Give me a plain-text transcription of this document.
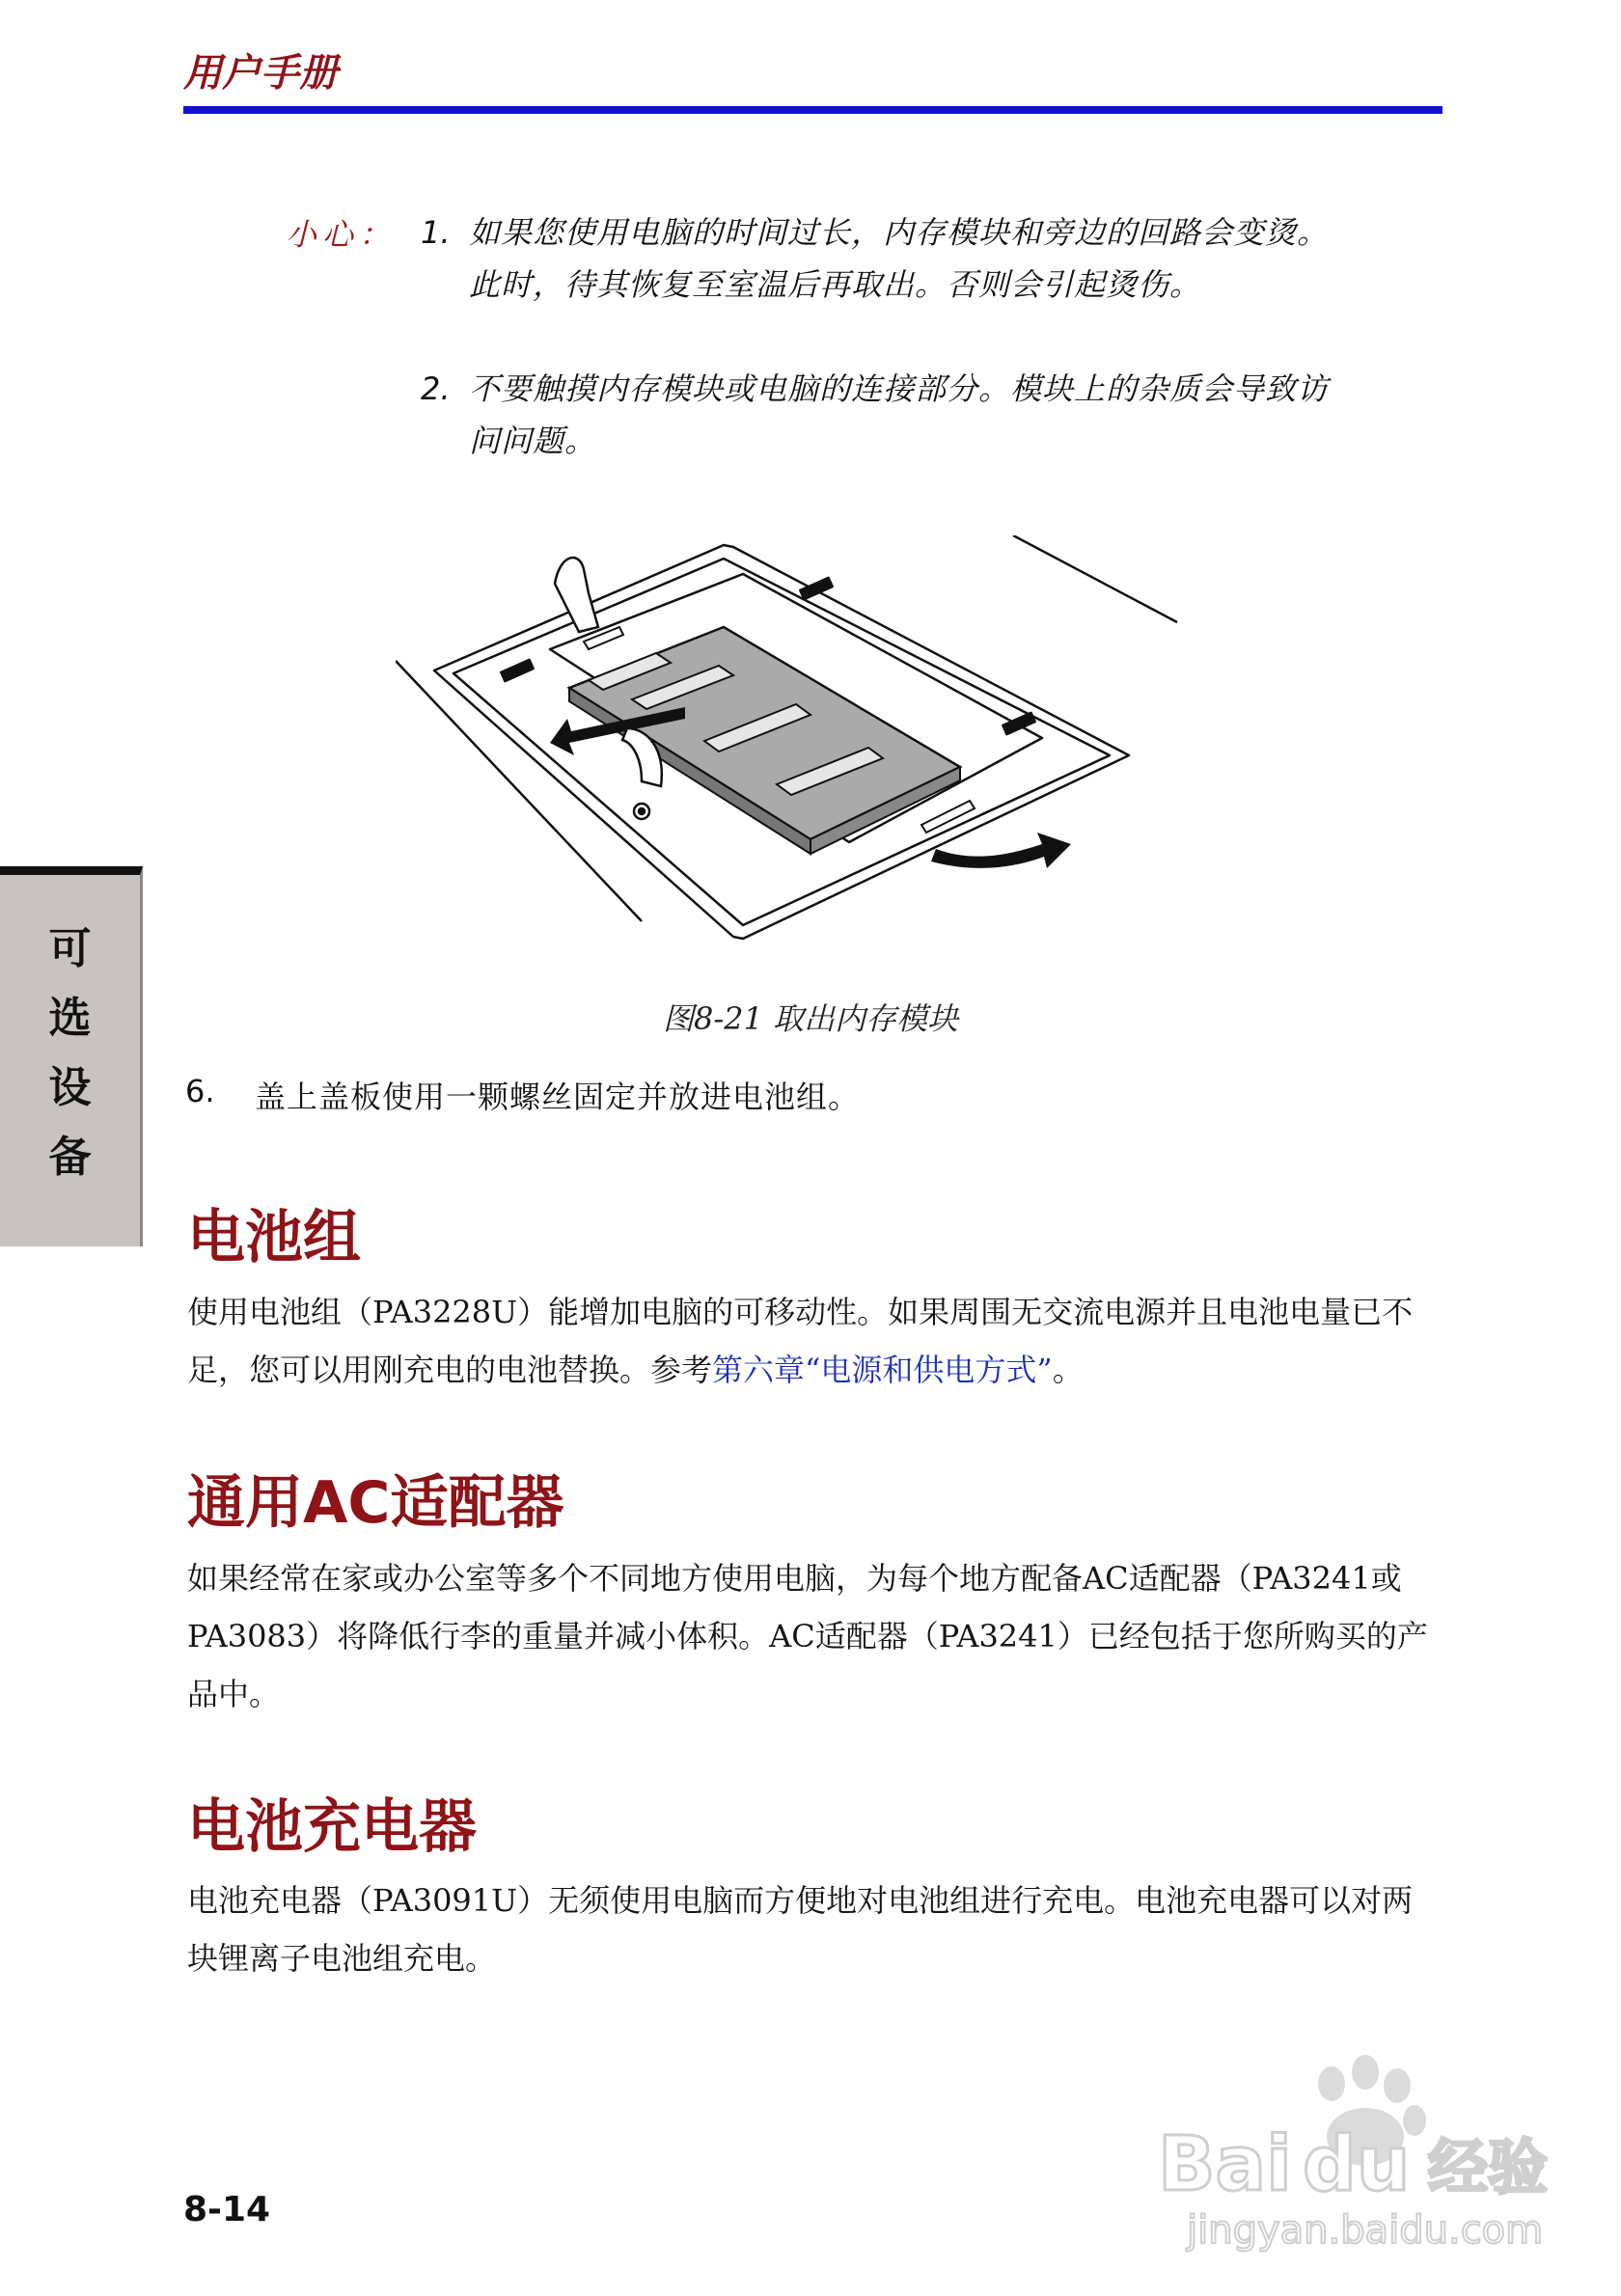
用户手册
小心： 1. 如果您使用电脑的时间过长，内存模块和旁边的回路会变烫。此时，待其恢复至室温后再取出。否则会引起烫伤。
2. 不要触摸内存模块或电脑的连接部分。模块上的杂质会导致访问问题。
图8-21 取出内存模块
可
选
设
备
6. 盖上盖板使用一颗螺丝固定并放进电池组。
电池组
使用电池组（PA3228U）能增加电脑的可移动性。如果周围无交流电源并且电池电量已不足，您可以用刚充电的电池替换。参考第六章“电源和供电方式”。
通用AC适配器
如果经常在家或办公室等多个不同地方使用电脑，为每个地方配备AC适配器（PA3241或PA3083）将降低行李的重量并减小体积。AC适配器（PA3241）已经包括于您所购买的产品中。
电池充电器
电池充电器（PA3091U）无须使用电脑而方便地对电池组进行充电。电池充电器可以对两块锂离子电池组充电。
8-14
Bai du 经验
jingyan.baidu.com
